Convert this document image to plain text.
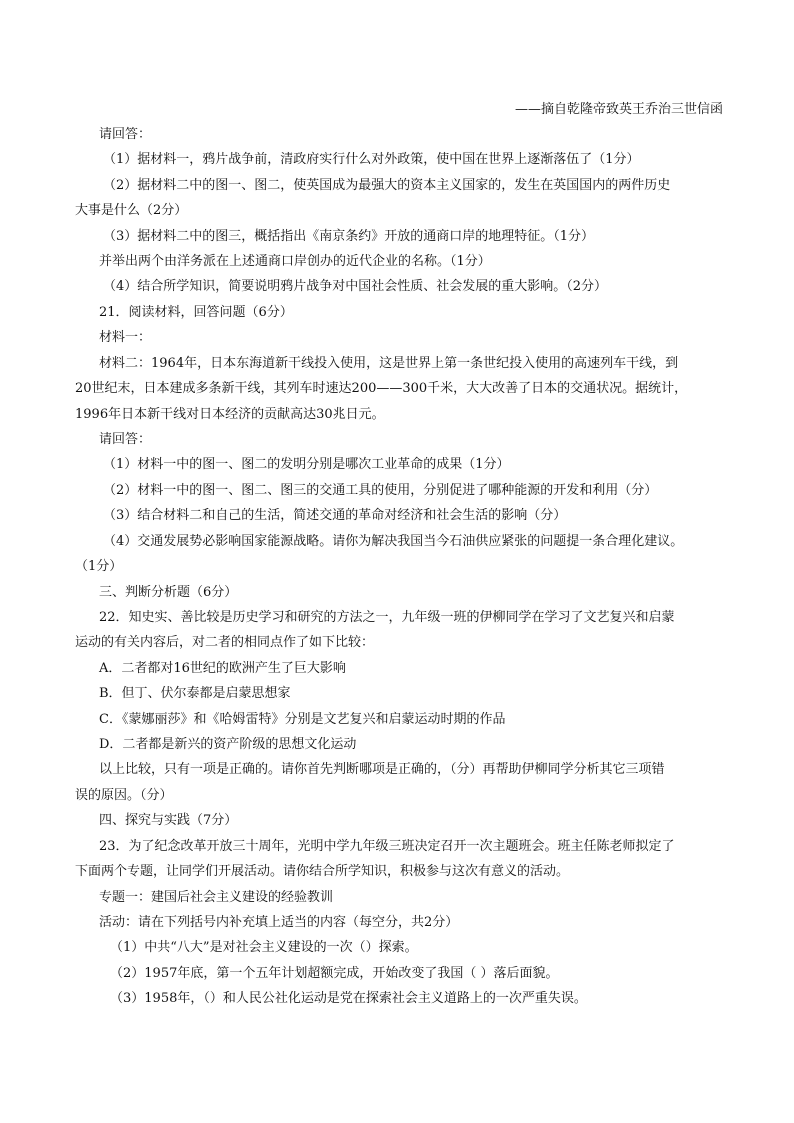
——摘自乾隆帝致英王乔治三世信函
请回答：
（1）据材料一，鸦片战争前，清政府实行什么对外政策，使中国在世界上逐渐落伍了（1分）
（2）据材料二中的图一、图二，使英国成为最强大的资本主义国家的，发生在英国国内的两件历史
大事是什么（2分）
（3）据材料二中的图三，概括指出《南京条约》开放的通商口岸的地理特征。（1分）
并举出两个由洋务派在上述通商口岸创办的近代企业的名称。（1分）
（4）结合所学知识，简要说明鸦片战争对中国社会性质、社会发展的重大影响。（2分）
21．阅读材料，回答问题（6分）
材料一：
材料二：1964年，日本东海道新干线投入使用，这是世界上第一条世纪投入使用的高速列车干线，到
20世纪末，日本建成多条新干线，其列车时速达200——300千米，大大改善了日本的交通状况。据统计，
1996年日本新干线对日本经济的贡献高达30兆日元。
请回答：
（1）材料一中的图一、图二的发明分别是哪次工业革命的成果（1分）
（2）材料一中的图一、图二、图三的交通工具的使用，分别促进了哪种能源的开发和利用（分）
（3）结合材料二和自己的生活，简述交通的革命对经济和社会生活的影响（分）
（4）交通发展势必影响国家能源战略。请你为解决我国当今石油供应紧张的问题提一条合理化建议。
（1分）
三、判断分析题（6分）
22．知史实、善比较是历史学习和研究的方法之一，九年级一班的伊柳同学在学习了文艺复兴和启蒙
运动的有关内容后，对二者的相同点作了如下比较：
A．二者都对16世纪的欧洲产生了巨大影响
B．但丁、伏尔泰都是启蒙思想家
C．《蒙娜丽莎》和《哈姆雷特》分别是文艺复兴和启蒙运动时期的作品
D．二者都是新兴的资产阶级的思想文化运动
以上比较，只有一项是正确的。请你首先判断哪项是正确的，（分）再帮助伊柳同学分析其它三项错
误的原因。（分）
四、探究与实践（7分）
23．为了纪念改革开放三十周年，光明中学九年级三班决定召开一次主题班会。班主任陈老师拟定了
下面两个专题，让同学们开展活动。请你结合所学知识，积极参与这次有意义的活动。
专题一：建国后社会主义建设的经验教训
活动：请在下列括号内补充填上适当的内容（每空分，共2分）
（1）中共“八大”是对社会主义建设的一次（）探索。
（2）1957年底，第一个五年计划超额完成，开始改变了我国（ ）落后面貌。
（3）1958年，（）和人民公社化运动是党在探索社会主义道路上的一次严重失误。
